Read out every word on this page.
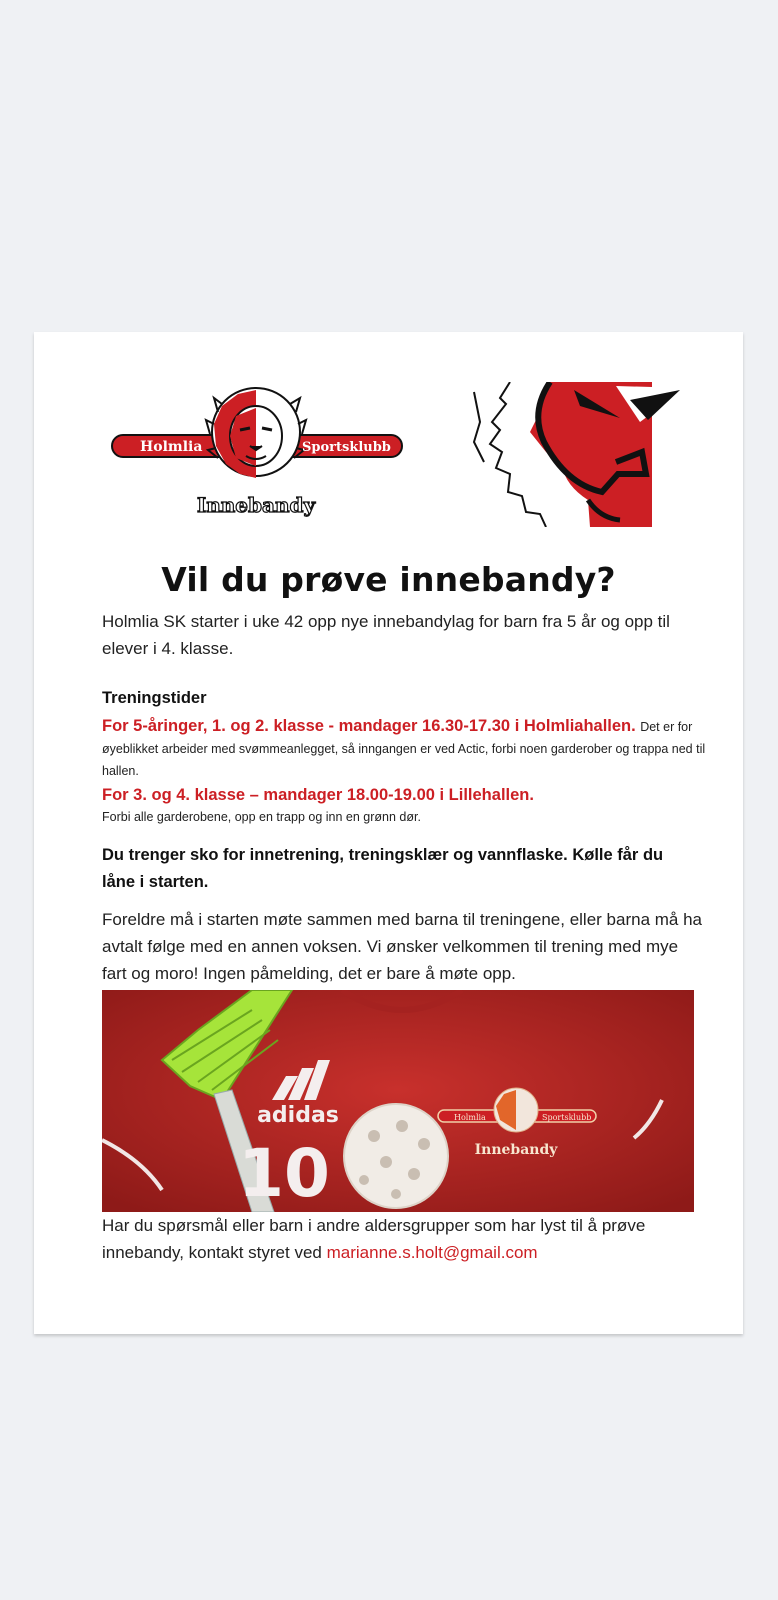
Holmlia	Sportsklubb
Innebandy
Vil du prøve innebandy?
Holmlia SK starter i uke 42 opp nye innebandylag for barn fra 5 år og opp til elever i 4. klasse.
Treningstider
For 5-åringer, 1. og 2. klasse - mandager 16.30-17.30 i Holmliahallen. Det er for øyeblikket arbeider med svømmeanlegget, så inngangen er ved Actic, forbi noen garderober og trappa ned til hallen.
For 3. og 4. klasse – mandager 18.00-19.00 i Lillehallen.
Forbi alle garderobene, opp en trapp og inn en grønn dør.
Du trenger sko for innetrening, treningsklær og vannflaske. Kølle får du låne i starten.
Foreldre må i starten møte sammen med barna til treningene, eller barna må ha avtalt følge med en annen voksen. Vi ønsker velkommen til trening med mye fart og moro! Ingen påmelding, det er bare å møte opp.
adidas
10
Holmlia	Sportsklubb
Innebandy
Har du spørsmål eller barn i andre aldersgrupper som har lyst til å prøve innebandy, kontakt styret ved marianne.s.holt@gmail.com
